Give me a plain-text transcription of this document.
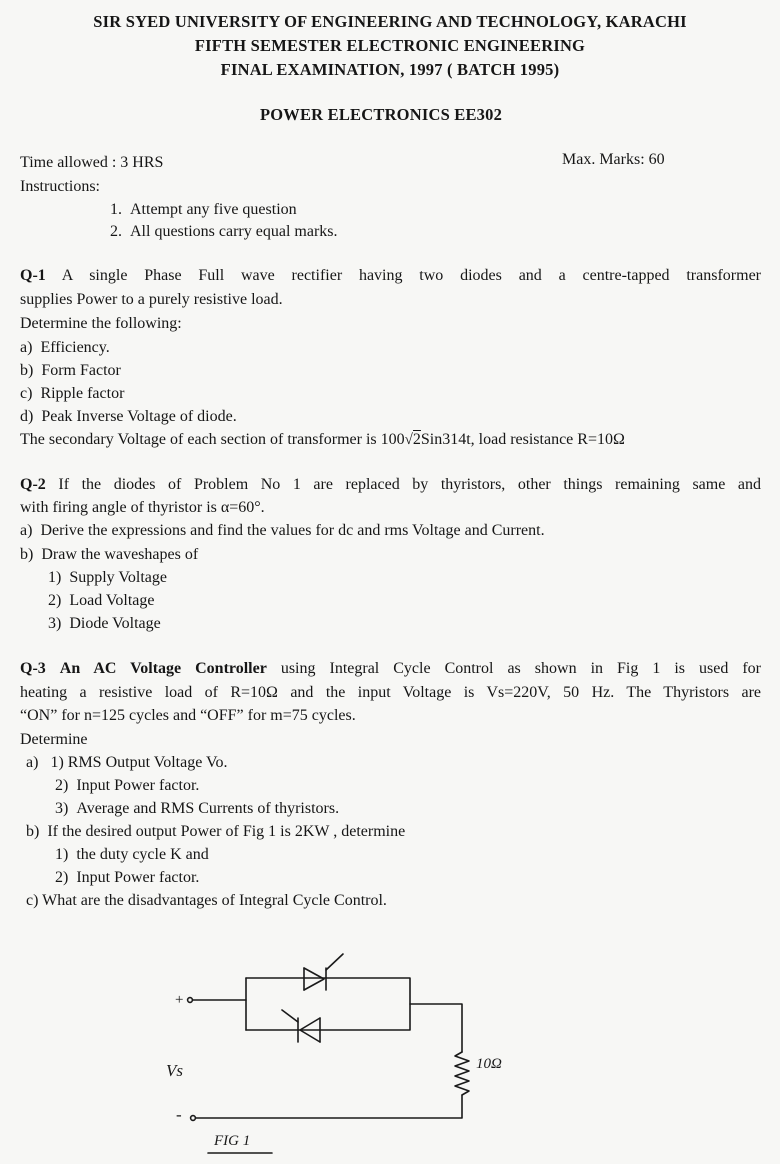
SIR SYED UNIVERSITY OF ENGINEERING AND TECHNOLOGY, KARACHI
FIFTH SEMESTER ELECTRONIC ENGINEERING
FINAL EXAMINATION, 1997 ( BATCH 1995)
POWER ELECTRONICS EE302
Time allowed : 3 HRS	Max. Marks: 60
Instructions:
1. Attempt any five question
2. All questions carry equal marks.
Q-1 A single Phase Full wave rectifier having two diodes and a centre-tapped transformer
supplies Power to a purely resistive load.
Determine the following:
a) Efficiency.
b) Form Factor
c) Ripple factor
d) Peak Inverse Voltage of diode.
The secondary Voltage of each section of transformer is 100√2Sin314t, load resistance R=10Ω
Q-2 If the diodes of Problem No 1 are replaced by thyristors, other things remaining same and
with firing angle of thyristor is α=60°.
a) Derive the expressions and find the values for dc and rms Voltage and Current.
b) Draw the waveshapes of
1) Supply Voltage
2) Load Voltage
3) Diode Voltage
Q-3 An AC Voltage Controller using Integral Cycle Control as shown in Fig 1 is used for
heating a resistive load of R=10Ω and the input Voltage is Vs=220V, 50 Hz. The Thyristors are
“ON” for n=125 cycles and “OFF” for m=75 cycles.
Determine
a) 1) RMS Output Voltage Vo.
2) Input Power factor.
3) Average and RMS Currents of thyristors.
b) If the desired output Power of Fig 1 is 2KW , determine
1) the duty cycle K and
2) Input Power factor.
c) What are the disadvantages of Integral Cycle Control.
+
-
Vs	10Ω
FIG 1
